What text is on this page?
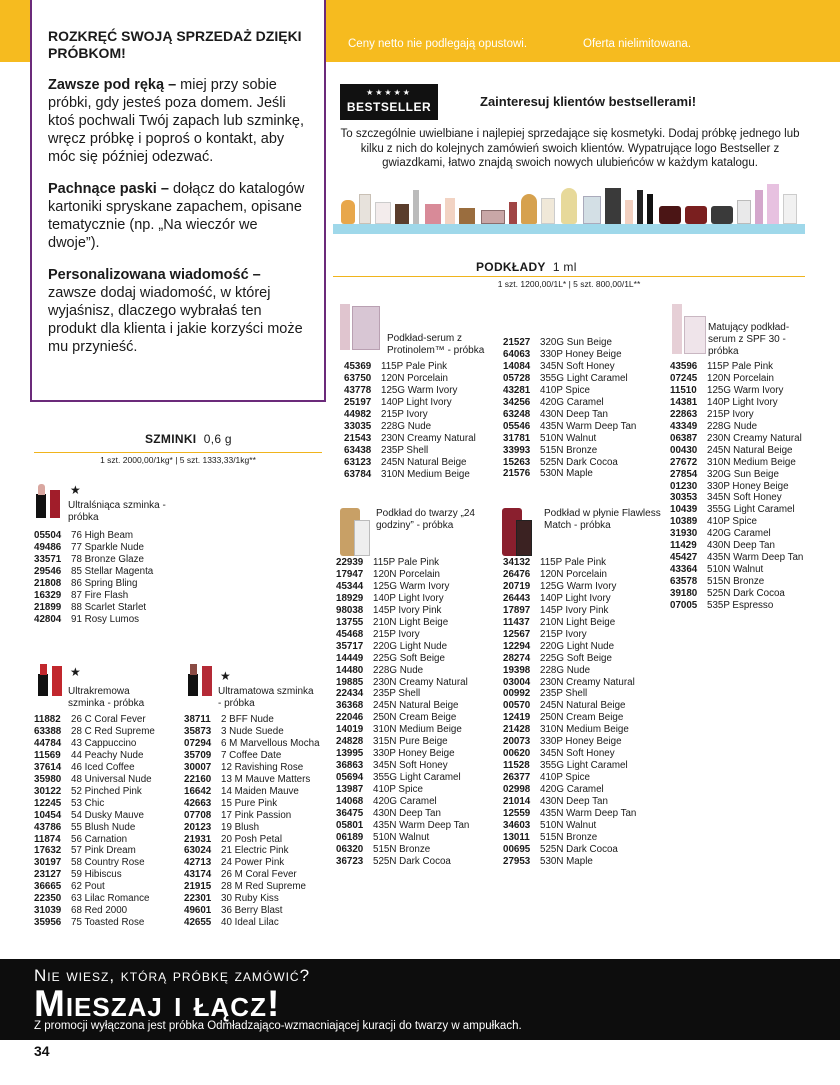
Ceny netto nie podlegają opustowi.	Oferta nielimitowana.
ROZKRĘĆ SWOJĄ SPRZEDAŻ DZIĘKI PRÓBKOM!
Zawsze pod ręką – miej przy sobie próbki, gdy jesteś poza domem. Jeśli ktoś pochwali Twój zapach lub szminkę, wręcz próbkę i poproś o kontakt, aby móc się później odezwać.
Pachnące paski – dołącz do katalogów kartoniki spryskane zapachem, opisane tematycznie (np. „Na wieczór we dwoje”).
Personalizowana wiadomość – zawsze dodaj wiadomość, w której wyjaśnisz, dlaczego wybrałaś ten produkt dla klienta i jakie korzyści może mu przynieść.
★★★★★
BESTSELLER	Zainteresuj klientów bestsellerami!
To szczególnie uwielbiane i najlepiej sprzedające się kosmetyki. Dodaj próbkę jednego lub kilku z nich do kolejnych zamówień swoich klientów. Wypatrujące logo Bestseller z gwiazdkami, łatwo znajdą swoich nowych ulubieńców w każdym katalogu.
SZMINKI 0,6 g
1 szt. 2000,00/1kg* | 5 szt. 1333,33/1kg**
★
Ultralśniąca szminka - próbka
05504 76 High Beam
49486 77 Sparkle Nude
33571 78 Bronze Glaze
29546 85 Stellar Magenta
21808 86 Spring Bling
16329 87 Fire Flash
21899 88 Scarlet Starlet
42804 91 Rosy Lumos
★
Ultrakremowa szminka - próbka
11882	26 C Coral Fever
63388 28 C Red Supreme
44784 43 Cappuccino
11569	44 Peachy Nude
37614 46 Iced Coffee
35980 48 Universal Nude
30122 52 Pinched Pink
12245 53 Chic
10454 54 Dusky Mauve
43786 55 Blush Nude
11874	56 Carnation
17632 57 Pink Dream
30197 58 Country Rose
23127 59 Hibiscus
36665 62 Pout
22350 63 Lilac Romance
31039 68 Red 2000
35956 75 Toasted Rose
★
Ultramatowa szminka - próbka
38711	2 BFF Nude
35873 3 Nude Suede
07294 6 M Marvellous Mocha
35709 7 Coffee Date
30007 12 Ravishing Rose
22160 13 M Mauve Matters
16642 14 Maiden Mauve
42663 15 Pure Pink
07708 17 Pink Passion
20123 19 Blush
21931 20 Posh Petal
63024 21 Electric Pink
42713 24 Power Pink
43174 26 M Coral Fever
21915 28 M Red Supreme
22301 30 Ruby Kiss
49601 36 Berry Blast
42655 40 Ideal Lilac
PODKŁADY 1 ml
1 szt. 1200,00/1L* | 5 szt. 800,00/1L**
Podkład-serum z Protinolem™ - próbka
45369 115P Pale Pink
63750 120N Porcelain
43778 125G Warm Ivory
25197 140P Light Ivory
44982 215P Ivory
33035 228G Nude
21543 230N Creamy Natural
63438 235P Shell
63123 245N Natural Beige
63784 310N Medium Beige
21527 320G Sun Beige
64063 330P Honey Beige
14084 345N Soft Honey
05728 355G Light Caramel
43281 410P Spice
34256 420G Caramel
63248 430N Deep Tan
05546 435N Warm Deep Tan
31781 510N Walnut
33993 515N Bronze
15263 525N Dark Cocoa
21576 530N Maple
Matujący podkład-serum z SPF 30 - próbka
43596 115P Pale Pink
07245 120N Porcelain
11510	125G Warm Ivory
14381 140P Light Ivory
22863 215P Ivory
43349 228G Nude
06387 230N Creamy Natural
00430 245N Natural Beige
27672 310N Medium Beige
27854 320G Sun Beige
01230 330P Honey Beige
30353 345N Soft Honey
10439 355G Light Caramel
10389 410P Spice
31930 420G Caramel
11429	430N Deep Tan
45427 435N Warm Deep Tan
43364 510N Walnut
63578 515N Bronze
39180 525N Dark Cocoa
07005 535P Espresso
Podkład do twarzy „24 godziny” - próbka
22939 115P Pale Pink
17947 120N Porcelain
45344 125G Warm Ivory
18929 140P Light Ivory
98038 145P Ivory Pink
13755 210N Light Beige
45468 215P Ivory
35717 220G Light Nude
14449 225G Soft Beige
14480 228G Nude
19885 230N Creamy Natural
22434 235P Shell
36368 245N Natural Beige
22046 250N Cream Beige
14019 310N Medium Beige
24828 315N Pure Beige
13995 330P Honey Beige
36863 345N Soft Honey
05694 355G Light Caramel
13987 410P Spice
14068 420G Caramel
36475 430N Deep Tan
05801 435N Warm Deep Tan
06189 510N Walnut
06320 515N Bronze
36723 525N Dark Cocoa
Podkład w płynie Flawless Match - próbka
34132 115P Pale Pink
26476 120N Porcelain
20719 125G Warm Ivory
26443 140P Light Ivory
17897 145P Ivory Pink
11437	210N Light Beige
12567 215P Ivory
12294 220G Light Nude
28274 225G Soft Beige
19398 228G Nude
03004 230N Creamy Natural
00992 235P Shell
00570 245N Natural Beige
12419 250N Cream Beige
21428 310N Medium Beige
20073 330P Honey Beige
00620 345N Soft Honey
11528	355G Light Caramel
26377 410P Spice
02998 420G Caramel
21014 430N Deep Tan
12559 435N Warm Deep Tan
34603 510N Walnut
13011	515N Bronze
00695 525N Dark Cocoa
27953 530N Maple
Nie wiesz, którą próbkę zamówić?
Mieszaj i łącz!
Z promocji wyłączona jest próbka Odmładzająco-wzmacniającej kuracji do twarzy w ampułkach.
34
